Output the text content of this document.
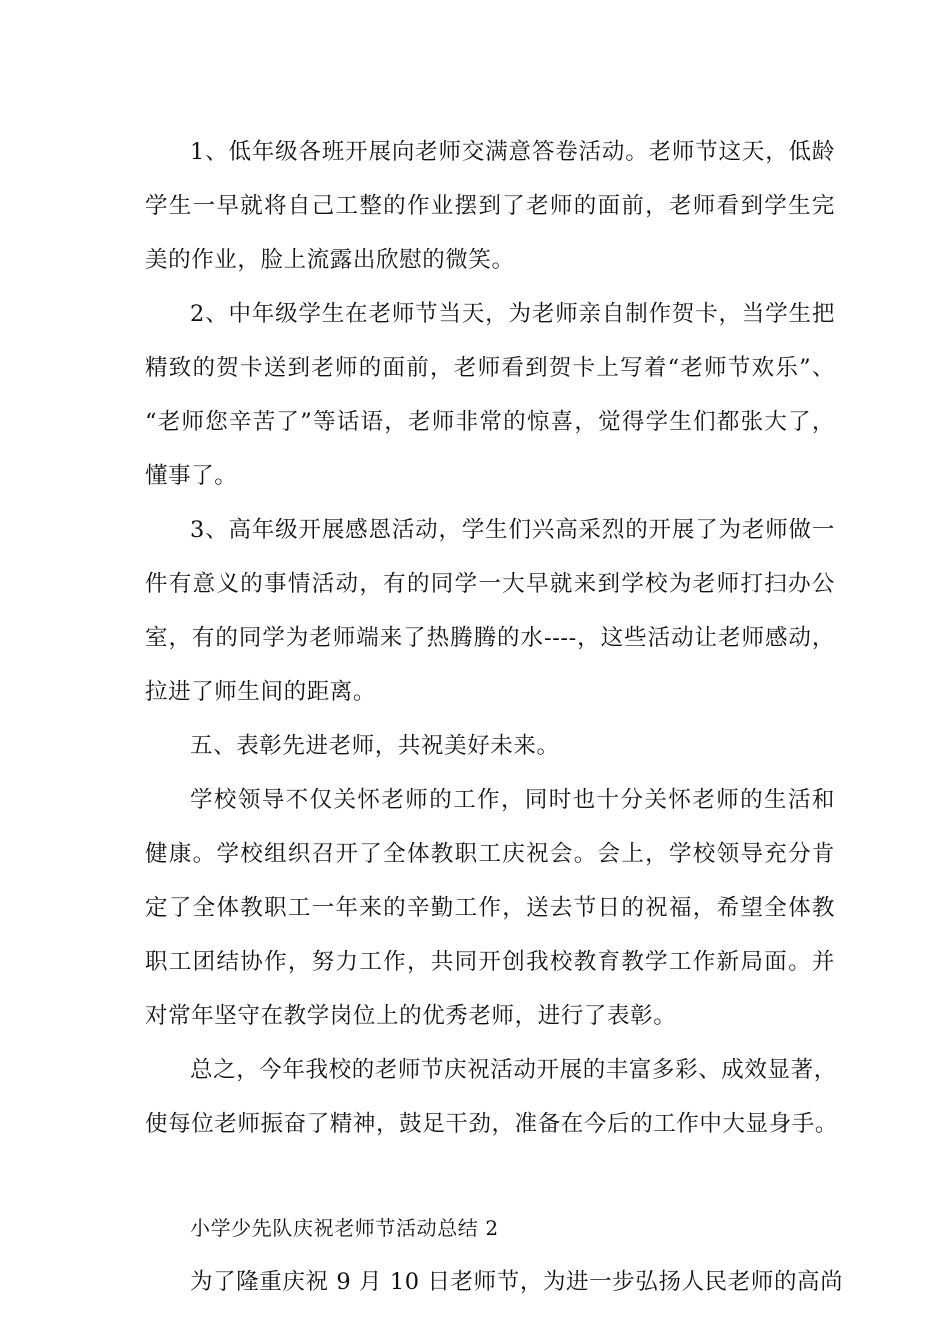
1、低年级各班开展向老师交满意答卷活动。老师节这天，低龄
学生一早就将自己工整的作业摆到了老师的面前，老师看到学生完
美的作业，脸上流露出欣慰的微笑。
2、中年级学生在老师节当天，为老师亲自制作贺卡，当学生把
精致的贺卡送到老师的面前，老师看到贺卡上写着“老师节欢乐”、
“老师您辛苦了”等话语，老师非常的惊喜，觉得学生们都张大了，
懂事了。
3、高年级开展感恩活动，学生们兴高采烈的开展了为老师做一
件有意义的事情活动，有的同学一大早就来到学校为老师打扫办公
室，有的同学为老师端来了热腾腾的水----，这些活动让老师感动，
拉进了师生间的距离。
五、表彰先进老师，共祝美好未来。
学校领导不仅关怀老师的工作，同时也十分关怀老师的生活和
健康。学校组织召开了全体教职工庆祝会。会上，学校领导充分肯
定了全体教职工一年来的辛勤工作，送去节日的祝福，希望全体教
职工团结协作，努力工作，共同开创我校教育教学工作新局面。并
对常年坚守在教学岗位上的优秀老师，进行了表彰。
总之，今年我校的老师节庆祝活动开展的丰富多彩、成效显著，
使每位老师振奋了精神，鼓足干劲，准备在今后的工作中大显身手。
小学少先队庆祝老师节活动总结 2
为了隆重庆祝 9 月 10 日老师节，为进一步弘扬人民老师的高尚
